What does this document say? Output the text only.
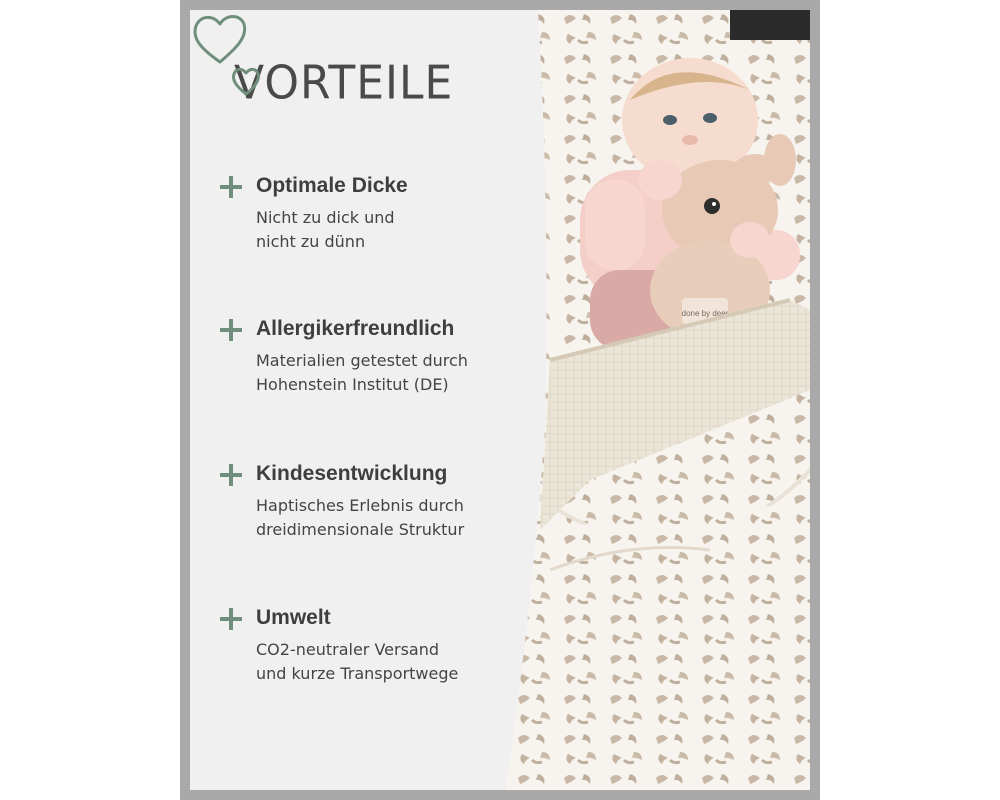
done by deer
VORTEILE
Optimale Dicke
Nicht zu dick und
nicht zu dünn
Allergikerfreundlich
Materialien getestet durch
Hohenstein Institut (DE)
Kindesentwicklung
Haptisches Erlebnis durch
dreidimensionale Struktur
Umwelt
CO2-neutraler Versand
und kurze Transportwege
